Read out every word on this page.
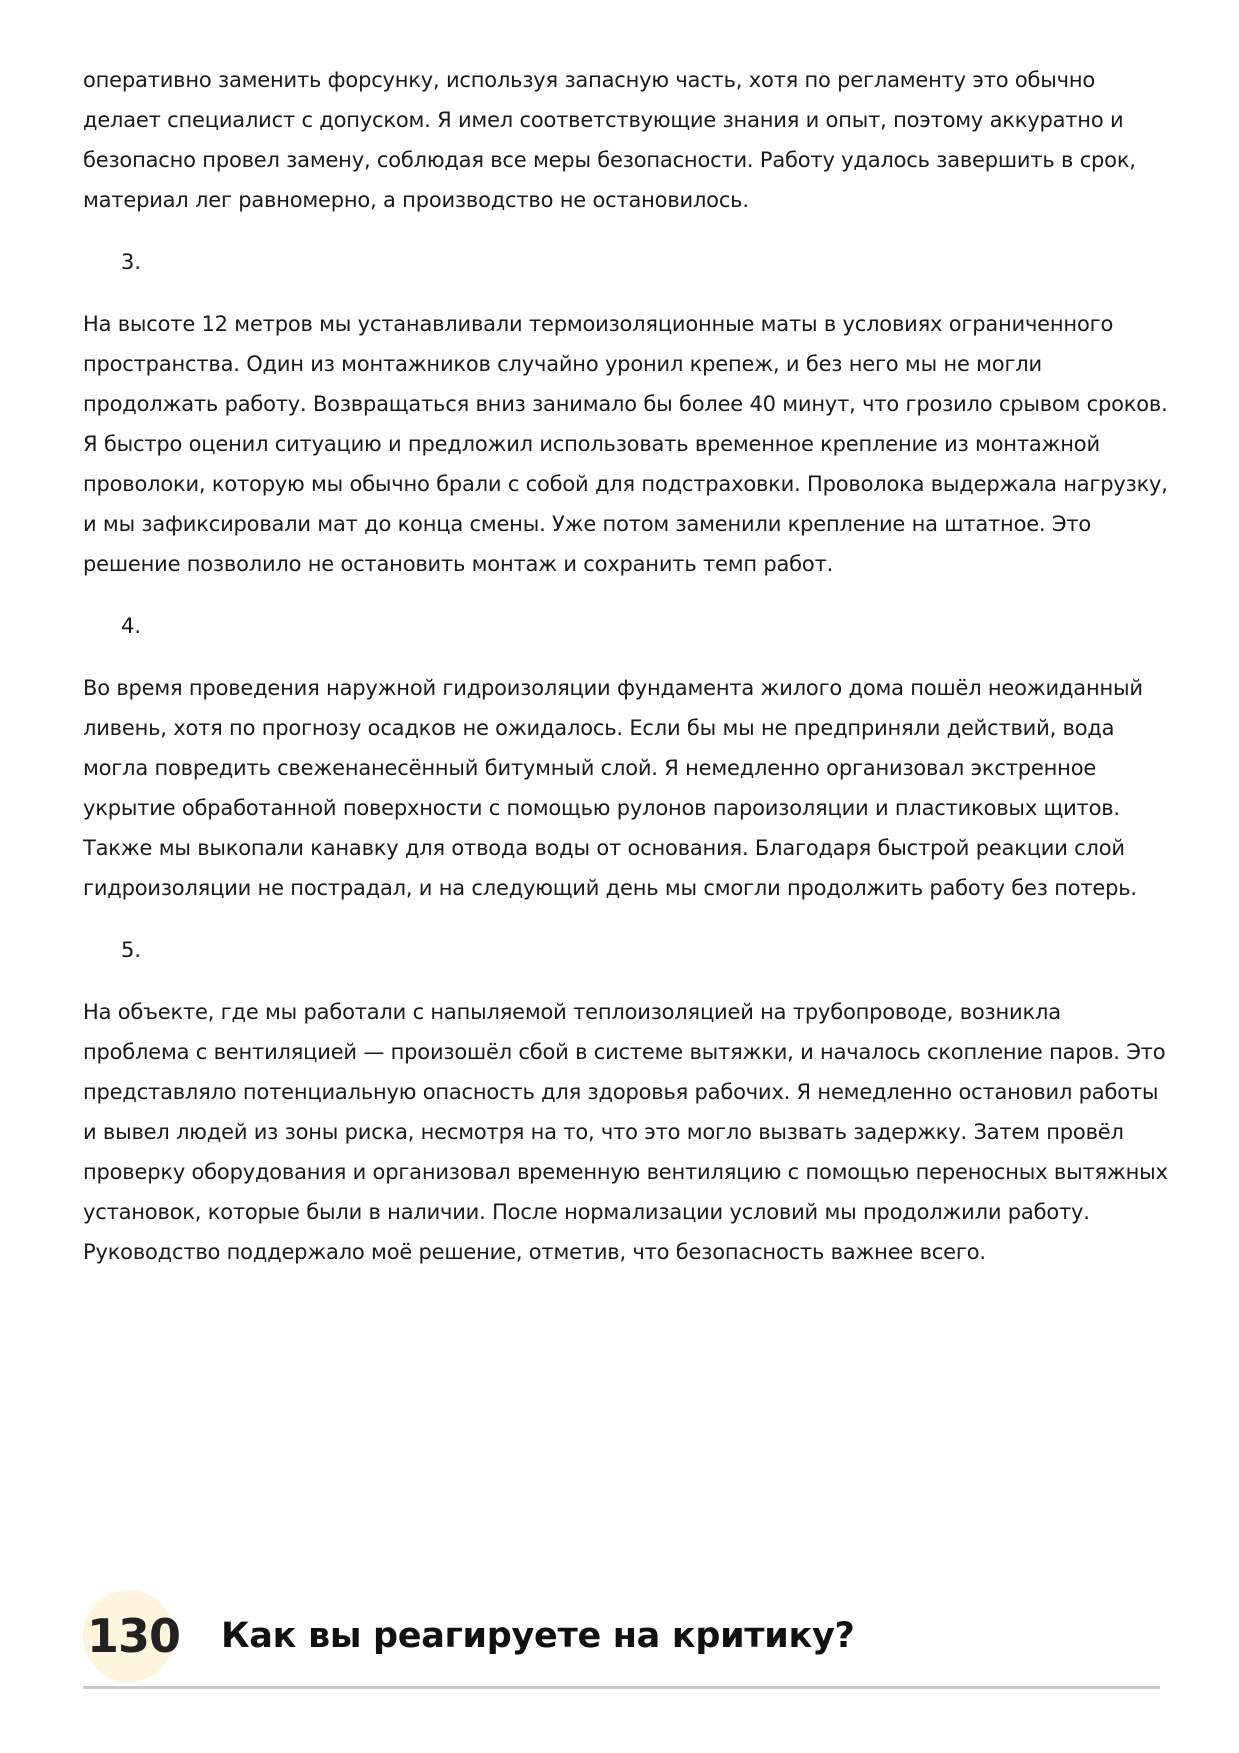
оперативно заменить форсунку, используя запасную часть, хотя по регламенту это обычно делает специалист с допуском. Я имел соответствующие знания и опыт, поэтому аккуратно и безопасно провел замену, соблюдая все меры безопасности. Работу удалось завершить в срок, материал лег равномерно, а производство не остановилось.

3.

На высоте 12 метров мы устанавливали термоизоляционные маты в условиях ограниченного пространства. Один из монтажников случайно уронил крепеж, и без него мы не могли продолжать работу. Возвращаться вниз занимало бы более 40 минут, что грозило срывом сроков. Я быстро оценил ситуацию и предложил использовать временное крепление из монтажной проволоки, которую мы обычно брали с собой для подстраховки. Проволока выдержала нагрузку, и мы зафиксировали мат до конца смены. Уже потом заменили крепление на штатное. Это решение позволило не остановить монтаж и сохранить темп работ.

4.

Во время проведения наружной гидроизоляции фундамента жилого дома пошёл неожиданный ливень, хотя по прогнозу осадков не ожидалось. Если бы мы не предприняли действий, вода могла повредить свеженанесённый битумный слой. Я немедленно организовал экстренное укрытие обработанной поверхности с помощью рулонов пароизоляции и пластиковых щитов. Также мы выкопали канавку для отвода воды от основания. Благодаря быстрой реакции слой гидроизоляции не пострадал, и на следующий день мы смогли продолжить работу без потерь.

5.

На объекте, где мы работали с напыляемой теплоизоляцией на трубопроводе, возникла проблема с вентиляцией — произошёл сбой в системе вытяжки, и началось скопление паров. Это представляло потенциальную опасность для здоровья рабочих. Я немедленно остановил работы и вывел людей из зоны риска, несмотря на то, что это могло вызвать задержку. Затем провёл проверку оборудования и организовал временную вентиляцию с помощью переносных вытяжных установок, которые были в наличии. После нормализации условий мы продолжили работу. Руководство поддержало моё решение, отметив, что безопасность важнее всего.

130 Как вы реагируете на критику?
